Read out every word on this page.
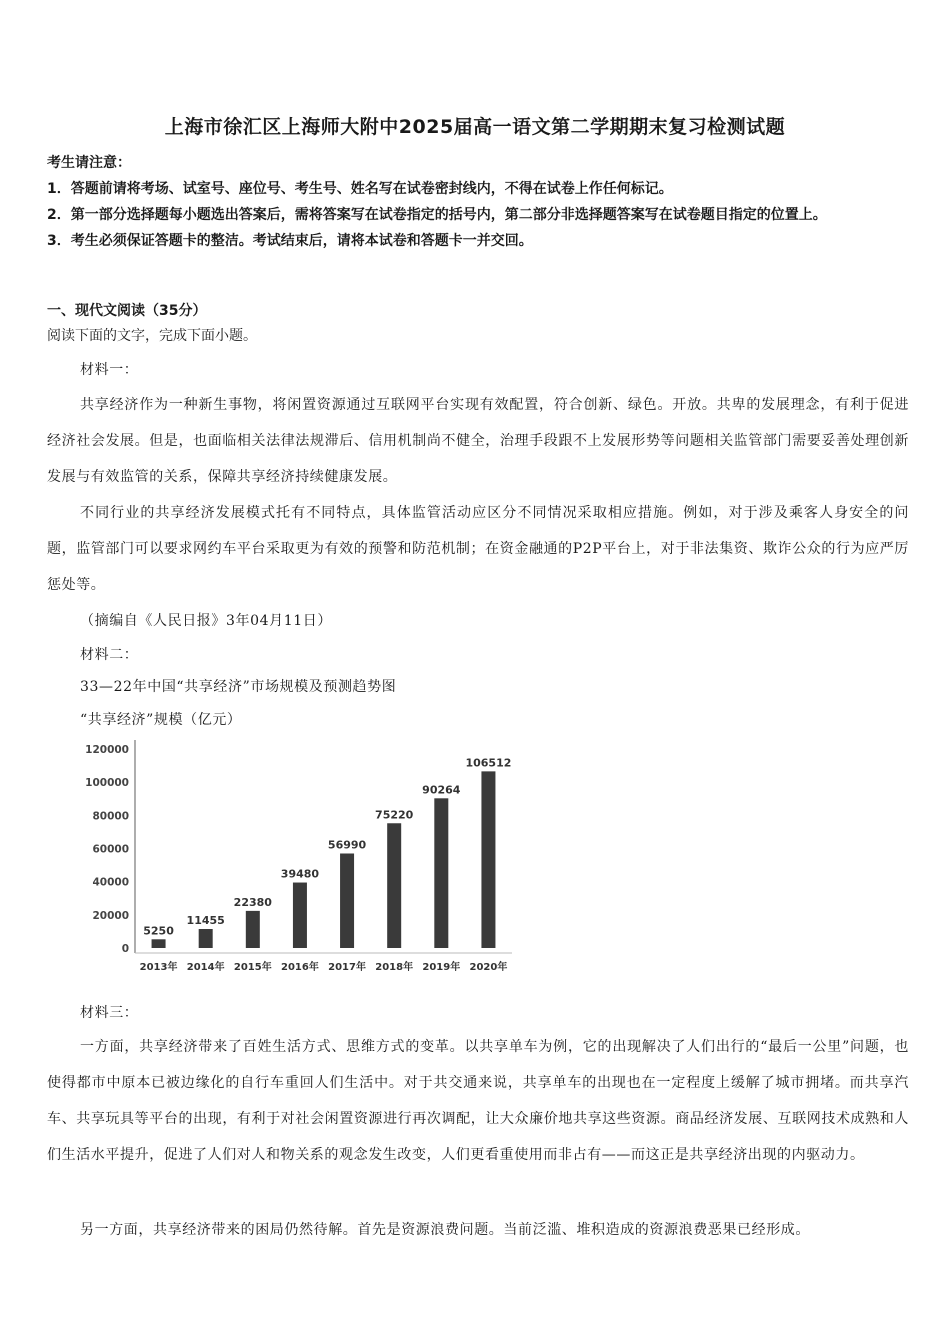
上海市徐汇区上海师大附中2025届高一语文第二学期期末复习检测试题

考生请注意：

1．答题前请将考场、试室号、座位号、考生号、姓名写在试卷密封线内，不得在试卷上作任何标记。

2．第一部分选择题每小题选出答案后，需将答案写在试卷指定的括号内，第二部分非选择题答案写在试卷题目指定的位置上。

3．考生必须保证答题卡的整洁。考试结束后，请将本试卷和答题卡一并交回。

一、现代文阅读（35分）

阅读下面的文字，完成下面小题。

材料一：

共享经济作为一种新生事物，将闲置资源通过互联网平台实现有效配置，符合创新、绿色。开放。共卑的发展理念，有利于促进经济社会发展。但是，也面临相关法律法规滞后、信用机制尚不健全，治理手段跟不上发展形势等问题相关监管部门需要妥善处理创新发展与有效监管的关系，保障共享经济持续健康发展。

不同行业的共享经济发展模式托有不同特点，具体监管活动应区分不同情况采取相应措施。例如，对于涉及乘客人身安全的问题，监管部门可以要求网约车平台采取更为有效的预警和防范机制；在资金融通的P2P平台上，对于非法集资、欺诈公众的行为应严厉惩处等。

（摘编自《人民日报》3年04月11日）

材料二：

33—22年中国“共享经济”市场规模及预测趋势图

“共享经济”规模（亿元）

0
20000
40000
60000
80000
100000
120000
5250
11455
22380
39480
56990
75220
90264
106512
2013年 2014年 2015年 2016年 2017年 2018年 2019年 2020年

材料三：

一方面，共享经济带来了百姓生活方式、思维方式的变革。以共享单车为例，它的出现解决了人们出行的“最后一公里”问题，也使得都市中原本已被边缘化的自行车重回人们生活中。对于共交通来说，共享单车的出现也在一定程度上缓解了城市拥堵。而共享汽车、共享玩具等平台的出现，有利于对社会闲置资源进行再次调配，让大众廉价地共享这些资源。商品经济发展、互联网技术成熟和人们生活水平提升，促进了人们对人和物关系的观念发生改变，人们更看重使用而非占有——而这正是共享经济出现的内驱动力。

另一方面，共享经济带来的困局仍然待解。首先是资源浪费问题。当前泛滥、堆积造成的资源浪费恶果已经形成。
